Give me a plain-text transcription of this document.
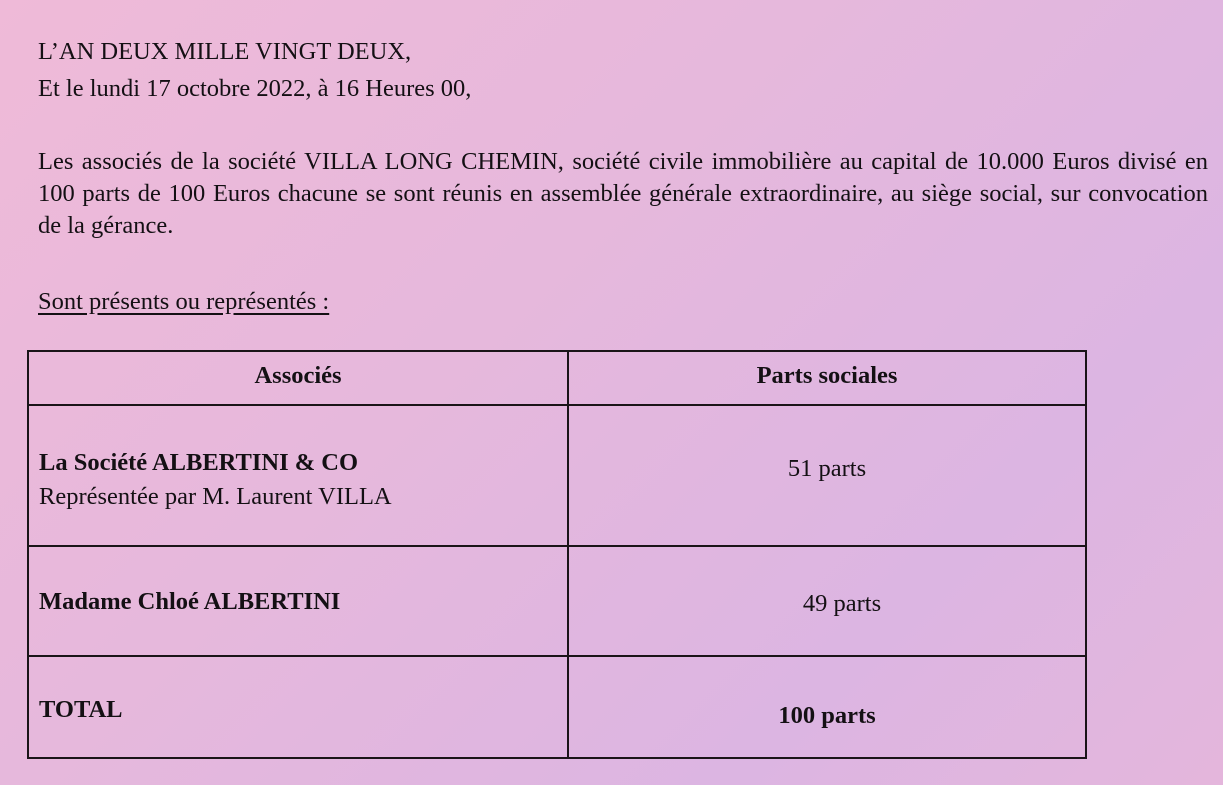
L’AN DEUX MILLE VINGT DEUX,
Et le lundi 17 octobre 2022, à 16 Heures 00,
Les associés de la société VILLA LONG CHEMIN, société civile immobilière au capital de 10.000 Euros divisé en 100 parts de 100 Euros chacune se sont réunis en assemblée générale extraordinaire, au siège social, sur convocation de la gérance.
Sont présents ou représentés :
Associés	Parts sociales

La Société ALBERTINI & CO
Représentée par M. Laurent VILLA	51 parts

Madame Chloé ALBERTINI	49 parts
TOTAL	100 parts
